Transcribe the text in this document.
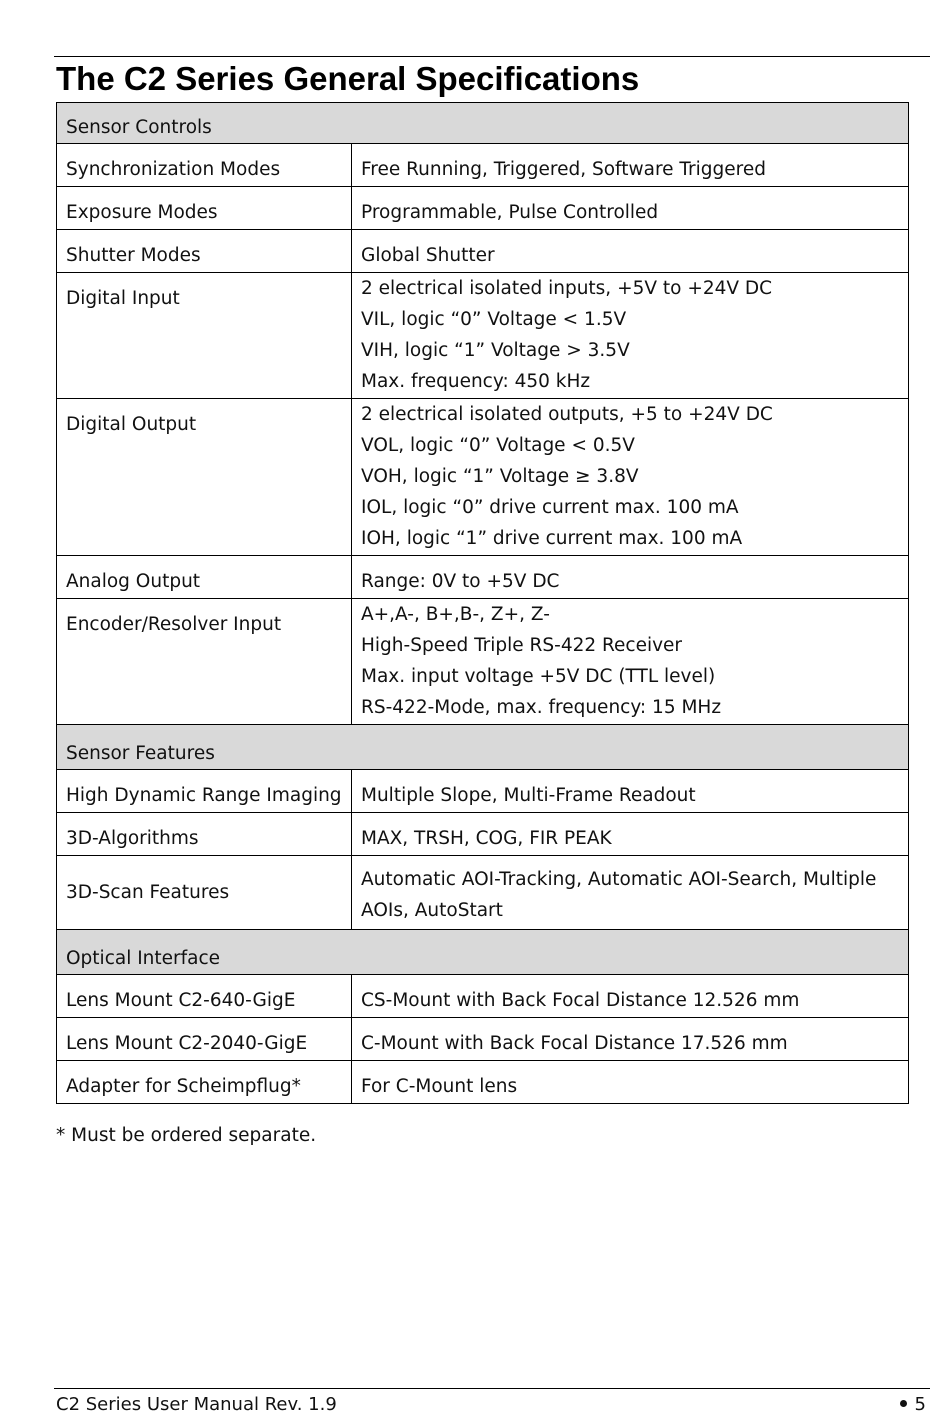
The C2 Series General Specifications
Sensor Controls	
Synchronization Modes	Free Running, Triggered, Software Triggered

Exposure Modes	Programmable, Pulse Controlled

Shutter Modes	Global Shutter

Digital Input	2 electrical isolated inputs, +5V to +24V DC
VIL, logic “0” Voltage < 1.5V
VIH, logic “1” Voltage > 3.5V
Max. frequency: 450 kHz

Digital Output	2 electrical isolated outputs, +5 to +24V DC
VOL, logic “0” Voltage < 0.5V
VOH, logic “1” Voltage ≥ 3.8V
IOL, logic “0” drive current max. 100 mA
IOH, logic “1” drive current max. 100 mA

Analog Output	Range: 0V to +5V DC

Encoder/Resolver Input	A+,A-, B+,B-, Z+, Z-
High-Speed Triple RS-422 Receiver
Max. input voltage +5V DC (TTL level)
RS-422-Mode, max. frequency: 15 MHz

Sensor Features	
High Dynamic Range Imaging	Multiple Slope, Multi-Frame Readout

3D-Algorithms	MAX, TRSH, COG, FIR PEAK

3D-Scan Features	Automatic AOI-Tracking, Automatic AOI-Search, Multiple AOIs, AutoStart

Optical Interface	
Lens Mount C2-640-GigE	CS-Mount with Back Focal Distance 12.526 mm

Lens Mount C2-2040-GigE	C-Mount with Back Focal Distance 17.526 mm

Adapter for Scheimpflug*	For C-Mount lens
* Must be ordered separate.
C2 Series User Manual Rev. 1.9	5
